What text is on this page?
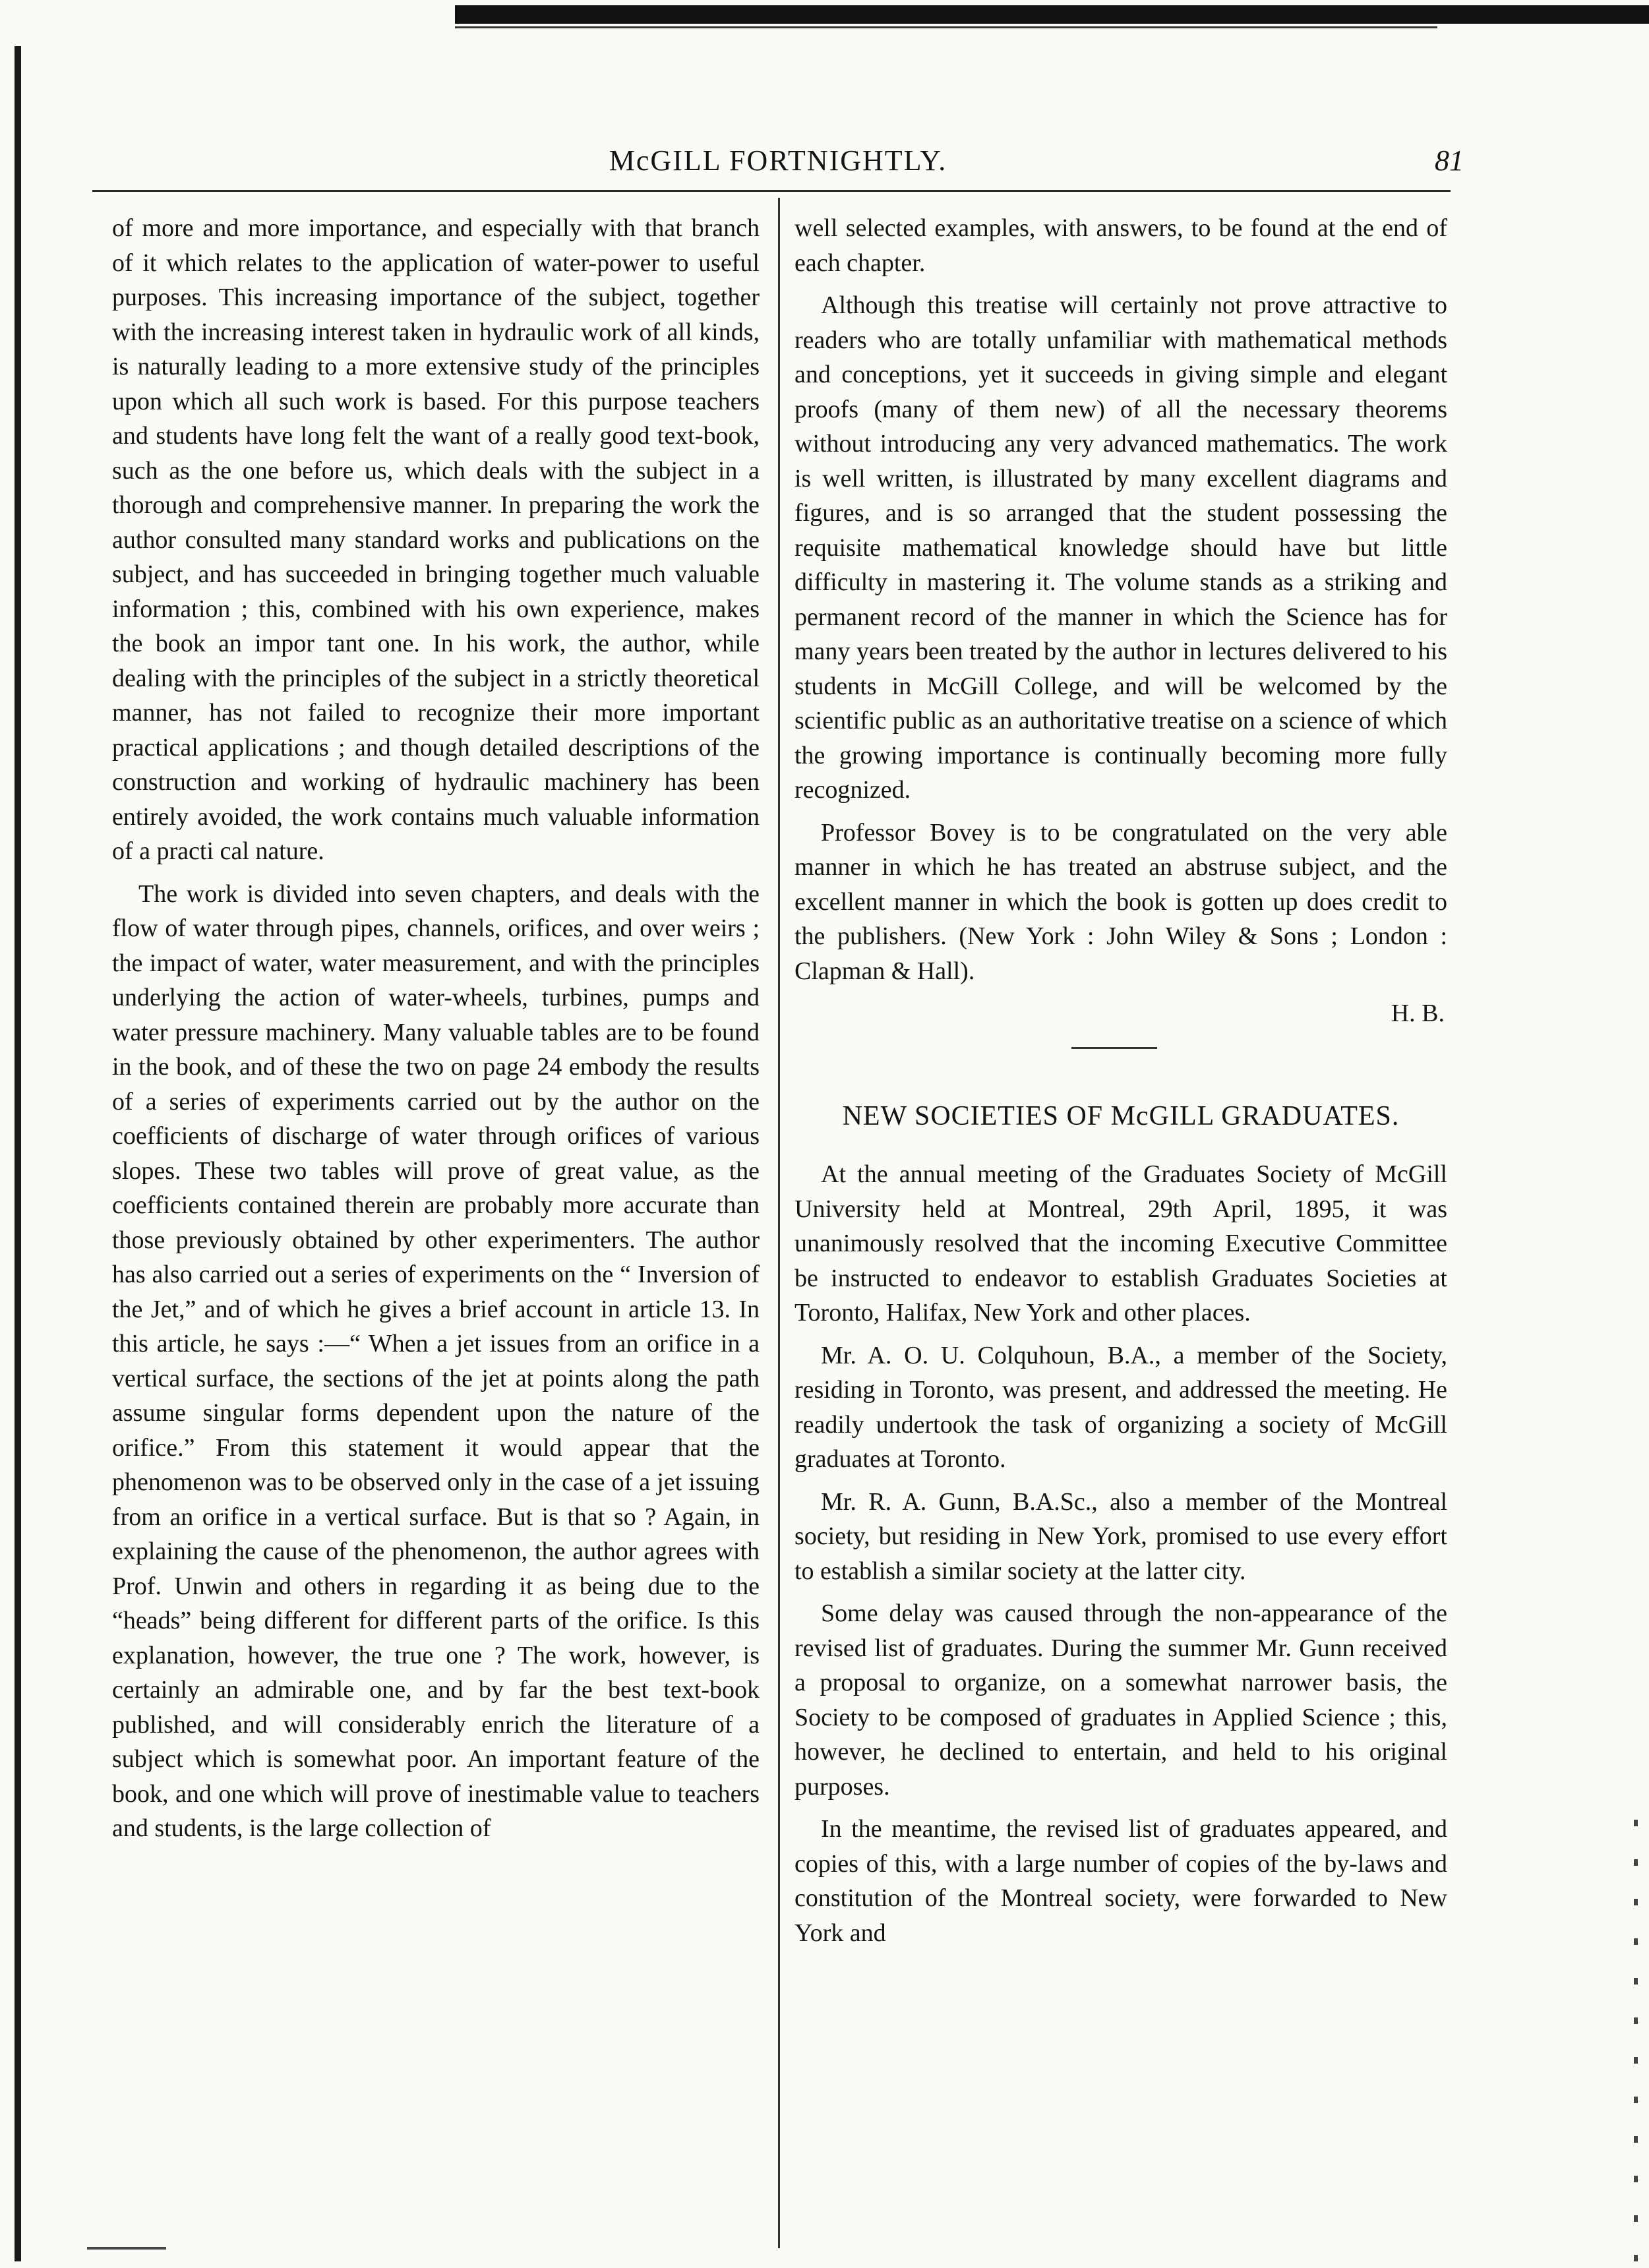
McGILL FORTNIGHTLY.	81

of more and more importance, and especially with that branch of it which relates to the application of water-power to useful purposes. This increasing importance of the subject, together with the increasing interest taken in hydraulic work of all kinds, is naturally leading to a more extensive study of the principles upon which all such work is based. For this purpose teachers and students have long felt the want of a really good text-book, such as the one before us, which deals with the subject in a thorough and comprehensive manner. In preparing the work the author consulted many standard works and publications on the subject, and has succeeded in bringing together much valuable information ; this, combined with his own experience, makes the book an impor tant one. In his work, the author, while dealing with the principles of the subject in a strictly theoretical manner, has not failed to recognize their more important practical applications ; and though detailed descriptions of the construction and working of hydraulic machinery has been entirely avoided, the work contains much valuable information of a practi cal nature.

The work is divided into seven chapters, and deals with the flow of water through pipes, channels, orifices, and over weirs ; the impact of water, water measurement, and with the principles underlying the action of water-wheels, turbines, pumps and water pressure machinery. Many valuable tables are to be found in the book, and of these the two on page 24 embody the results of a series of experiments carried out by the author on the coefficients of discharge of water through orifices of various slopes. These two tables will prove of great value, as the coefficients contained therein are probably more accurate than those previously obtained by other experimenters. The author has also carried out a series of experiments on the “ Inversion of the Jet,” and of which he gives a brief account in article 13. In this article, he says :—“ When a jet issues from an orifice in a vertical surface, the sections of the jet at points along the path assume singular forms dependent upon the nature of the orifice.” From this statement it would appear that the phenomenon was to be observed only in the case of a jet issuing from an orifice in a vertical surface. But is that so ? Again, in explaining the cause of the phenomenon, the author agrees with Prof. Unwin and others in regarding it as being due to the “heads” being different for different parts of the orifice. Is this explanation, however, the true one ? The work, however, is certainly an admirable one, and by far the best text-book published, and will considerably enrich the literature of a subject which is somewhat poor. An important feature of the book, and one which will prove of inestimable value to teachers and students, is the large collection of

well selected examples, with answers, to be found at the end of each chapter.

Although this treatise will certainly not prove attractive to readers who are totally unfamiliar with mathematical methods and conceptions, yet it succeeds in giving simple and elegant proofs (many of them new) of all the necessary theorems without introducing any very advanced mathematics. The work is well written, is illustrated by many excellent diagrams and figures, and is so arranged that the student possessing the requisite mathematical knowledge should have but little difficulty in mastering it. The volume stands as a striking and permanent record of the manner in which the Science has for many years been treated by the author in lectures delivered to his students in McGill College, and will be welcomed by the scientific public as an authoritative treatise on a science of which the growing importance is continually becoming more fully recognized.

Professor Bovey is to be congratulated on the very able manner in which he has treated an abstruse subject, and the excellent manner in which the book is gotten up does credit to the publishers. (New York : John Wiley & Sons ; London : Clapman & Hall).

H. B.
NEW SOCIETIES OF McGILL GRADUATES.

At the annual meeting of the Graduates Society of McGill University held at Montreal, 29th April, 1895, it was unanimously resolved that the incoming Executive Committee be instructed to endeavor to establish Graduates Societies at Toronto, Halifax, New York and other places.

Mr. A. O. U. Colquhoun, B.A., a member of the Society, residing in Toronto, was present, and addressed the meeting. He readily undertook the task of organizing a society of McGill graduates at Toronto.

Mr. R. A. Gunn, B.A.Sc., also a member of the Montreal society, but residing in New York, promised to use every effort to establish a similar society at the latter city.

Some delay was caused through the non-appearance of the revised list of graduates. During the summer Mr. Gunn received a proposal to organize, on a somewhat narrower basis, the Society to be composed of graduates in Applied Science ; this, however, he declined to entertain, and held to his original purposes.

In the meantime, the revised list of graduates appeared, and copies of this, with a large number of copies of the by-laws and constitution of the Montreal society, were forwarded to New York and
